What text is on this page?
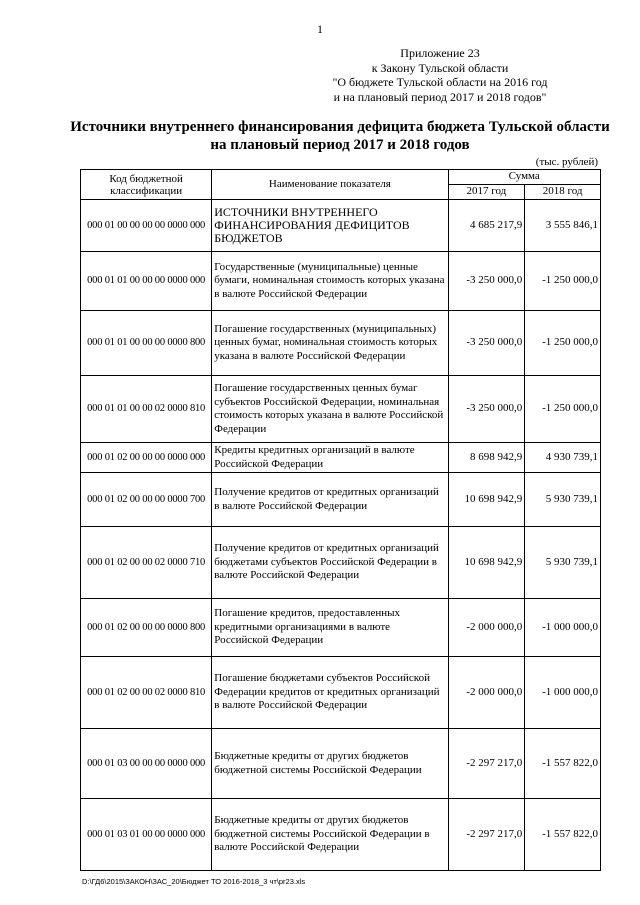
1
Приложение 23
к Закону Тульской области
"О бюджете Тульской области на 2016 год
и на плановый период 2017 и 2018 годов"
Источники внутреннего финансирования дефицита бюджета Тульской области
на плановый период 2017 и 2018 годов
(тыс. рублей)
Код бюджетной классификации	Наименование показателя	Сумма	
		2017 год	2018 год
000 01 00 00 00 00 0000 000	ИСТОЧНИКИ ВНУТРЕННЕГО ФИНАНСИРОВАНИЯ ДЕФИЦИТОВ БЮДЖЕТОВ	4 685 217,9	3 555 846,1
000 01 01 00 00 00 0000 000	Государственные (муниципальные) ценные бумаги, номинальная стоимость которых указана в валюте Российской Федерации	-3 250 000,0	-1 250 000,0
000 01 01 00 00 00 0000 800	Погашение государственных (муниципальных) ценных бумаг, номинальная стоимость которых указана в валюте Российской Федерации	-3 250 000,0	-1 250 000,0
000 01 01 00 00 02 0000 810	Погашение государственных ценных бумаг субъектов Российской Федерации, номинальная стоимость которых указана в валюте Российской Федерации	-3 250 000,0	-1 250 000,0
000 01 02 00 00 00 0000 000	Кредиты кредитных организаций в валюте Российской Федерации	8 698 942,9	4 930 739,1
000 01 02 00 00 00 0000 700	Получение кредитов от кредитных организаций в валюте Российской Федерации	10 698 942,9	5 930 739,1
000 01 02 00 00 02 0000 710	Получение кредитов от кредитных организаций бюджетами субъектов Российской Федерации в валюте Российской Федерации	10 698 942,9	5 930 739,1
000 01 02 00 00 00 0000 800	Погашение кредитов, предоставленных кредитными организациями в валюте Российской Федерации	-2 000 000,0	-1 000 000,0
000 01 02 00 00 02 0000 810	Погашение бюджетами субъектов Российской Федерации кредитов от кредитных организаций в валюте Российской Федерации	-2 000 000,0	-1 000 000,0
000 01 03 00 00 00 0000 000	Бюджетные кредиты от других бюджетов бюджетной системы Российской Федерации	-2 297 217,0	-1 557 822,0
000 01 03 01 00 00 0000 000	Бюджетные кредиты от других бюджетов бюджетной системы Российской Федерации в валюте Российской Федерации	-2 297 217,0	-1 557 822,0
D:\ГД6\2015\ЗАКОН\ЗАС_20\Бюджет ТО 2016-2018_3 чт\pr23.xls
